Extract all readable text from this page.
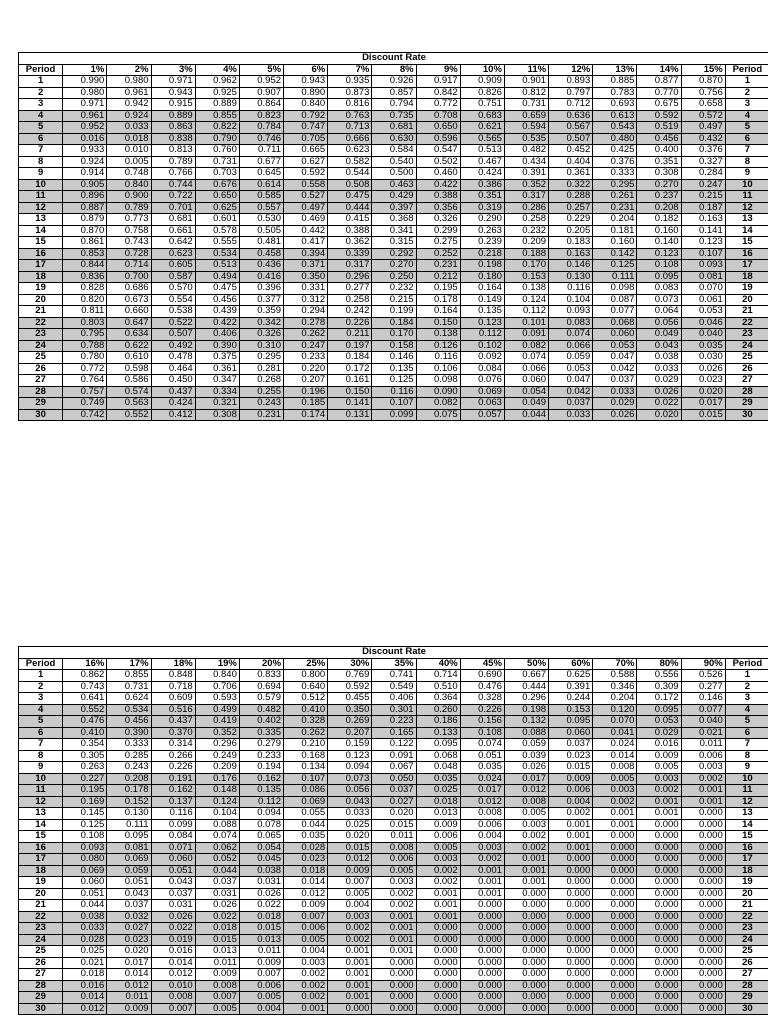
Discount Rate																
Period	1%	2%	3%	4%	5%	6%	7%	8%	9%	10%	11%	12%	13%	14%	15%	Period
1	0.990	0.980	0.971	0.962	0.952	0.943	0.935	0.926	0.917	0.909	0.901	0.893	0.885	0.877	0.870	1
2	0.980	0.961	0.943	0.925	0.907	0.890	0.873	0.857	0.842	0.826	0.812	0.797	0.783	0.770	0.756	2
3	0.971	0.942	0.915	0.889	0.864	0.840	0.816	0.794	0.772	0.751	0.731	0.712	0.693	0.675	0.658	3
4	0.961	0.924	0.889	0.855	0.823	0.792	0.763	0.735	0.708	0.683	0.659	0.636	0.613	0.592	0.572	4
5	0.952	0.033	0.863	0.822	0.784	0.747	0.713	0.681	0.650	0.621	0.594	0.567	0.543	0.519	0.497	5
6	0.016	0.018	0.838	0.790	0.746	0.705	0.666	0.630	0.596	0.565	0.535	0.507	0.480	0.456	0.432	6
7	0.933	0.010	0.813	0.760	0.711	0.665	0.623	0.584	0.547	0.513	0.482	0.452	0.425	0.400	0.376	7
8	0.924	0.005	0.789	0.731	0.677	0.627	0.582	0.540	0.502	0.467	0.434	0.404	0.376	0.351	0.327	8
9	0.914	0.748	0.766	0.703	0.645	0.592	0.544	0.500	0.460	0.424	0.391	0.361	0.333	0.308	0.284	9
10	0.905	0.840	0.744	0.676	0.614	0.558	0.508	0.463	0.422	0.386	0.352	0.322	0.295	0.270	0.247	10
11	0.896	0.900	0.722	0.650	0.585	0.527	0.475	0.429	0.388	0.351	0.317	0.288	0.261	0.237	0.215	11
12	0.887	0.789	0.701	0.625	0.557	0.497	0.444	0.397	0.356	0.319	0.286	0.257	0.231	0.208	0.187	12
13	0.879	0.773	0.681	0.601	0.530	0.469	0.415	0.368	0.326	0.290	0.258	0.229	0.204	0.182	0.163	13
14	0.870	0.758	0.661	0.578	0.505	0.442	0.388	0.341	0.299	0.263	0.232	0.205	0.181	0.160	0.141	14
15	0.861	0.743	0.642	0.555	0.481	0.417	0.362	0.315	0.275	0.239	0.209	0.183	0.160	0.140	0.123	15
16	0.853	0.728	0.623	0.534	0.458	0.394	0.339	0.292	0.252	0.218	0.188	0.163	0.142	0.123	0.107	16
17	0.844	0.714	0.605	0.513	0.436	0.371	0.317	0.270	0.231	0.198	0.170	0.146	0.125	0.108	0.093	17
18	0.836	0.700	0.587	0.494	0.416	0.350	0.296	0.250	0.212	0.180	0.153	0.130	0.111	0.095	0.081	18
19	0.828	0.686	0.570	0.475	0.396	0.331	0.277	0.232	0.195	0.164	0.138	0.116	0.098	0.083	0.070	19
20	0.820	0.673	0.554	0.456	0.377	0.312	0.258	0.215	0.178	0.149	0.124	0.104	0.087	0.073	0.061	20
21	0.811	0.660	0.538	0.439	0.359	0.294	0.242	0.199	0.164	0.135	0.112	0.093	0.077	0.064	0.053	21
22	0.803	0.647	0.522	0.422	0.342	0.278	0.226	0.184	0.150	0.123	0.101	0.083	0.068	0.056	0.046	22
23	0.795	0.634	0.507	0.406	0.326	0.262	0.211	0.170	0.138	0.112	0.091	0.074	0.060	0.049	0.040	23
24	0.788	0.622	0.492	0.390	0.310	0.247	0.197	0.158	0.126	0.102	0.082	0.066	0.053	0.043	0.035	24
25	0.780	0.610	0.478	0.375	0.295	0.233	0.184	0.146	0.116	0.092	0.074	0.059	0.047	0.038	0.030	25
26	0.772	0.598	0.464	0.361	0.281	0.220	0.172	0.135	0.106	0.084	0.066	0.053	0.042	0.033	0.026	26
27	0.764	0.586	0.450	0.347	0.268	0.207	0.161	0.125	0.098	0.076	0.060	0.047	0.037	0.029	0.023	27
28	0.757	0.574	0.437	0.334	0.255	0.196	0.150	0.116	0.090	0.069	0.054	0.042	0.033	0.026	0.020	28
29	0.749	0.563	0.424	0.321	0.243	0.185	0.141	0.107	0.082	0.063	0.049	0.037	0.029	0.022	0.017	29
30	0.742	0.552	0.412	0.308	0.231	0.174	0.131	0.099	0.075	0.057	0.044	0.033	0.026	0.020	0.015	30
Discount Rate																
Period	16%	17%	18%	19%	20%	25%	30%	35%	40%	45%	50%	60%	70%	80%	90%	Period
1	0.862	0.855	0.848	0.840	0.833	0.800	0.769	0.741	0.714	0.690	0.667	0.625	0.588	0.556	0.526	1
2	0.743	0.731	0.718	0.706	0.694	0.640	0.592	0.549	0.510	0.476	0.444	0.391	0.346	0.309	0.277	2
3	0.641	0.624	0.609	0.593	0.579	0.512	0.455	0.406	0.364	0.328	0.296	0.244	0.204	0.172	0.146	3
4	0.552	0.534	0.516	0.499	0.482	0.410	0.350	0.301	0.260	0.226	0.198	0.153	0.120	0.095	0.077	4
5	0.476	0.456	0.437	0.419	0.402	0.328	0.269	0.223	0.186	0.156	0.132	0.095	0.070	0.053	0.040	5
6	0.410	0.390	0.370	0.352	0.335	0.262	0.207	0.165	0.133	0.108	0.088	0.060	0.041	0.029	0.021	6
7	0.354	0.333	0.314	0.296	0.279	0.210	0.159	0.122	0.095	0.074	0.059	0.037	0.024	0.016	0.011	7
8	0.305	0.285	0.266	0.249	0.233	0.168	0.123	0.091	0.068	0.051	0.039	0.023	0.014	0.009	0.006	8
9	0.263	0.243	0.226	0.209	0.194	0.134	0.094	0.067	0.048	0.035	0.026	0.015	0.008	0.005	0.003	9
10	0.227	0.208	0.191	0.176	0.162	0.107	0.073	0.050	0.035	0.024	0.017	0.009	0.005	0.003	0.002	10
11	0.195	0.178	0.162	0.148	0.135	0.086	0.056	0.037	0.025	0.017	0.012	0.006	0.003	0.002	0.001	11
12	0.169	0.152	0.137	0.124	0.112	0.069	0.043	0.027	0.018	0.012	0.008	0.004	0.002	0.001	0.001	12
13	0.145	0.130	0.116	0.104	0.094	0.055	0.033	0.020	0.013	0.008	0.005	0.002	0.001	0.001	0.000	13
14	0.125	0.111	0.099	0.088	0.078	0.044	0.025	0.015	0.009	0.006	0.003	0.001	0.001	0.000	0.000	14
15	0.108	0.095	0.084	0.074	0.065	0.035	0.020	0.011	0.006	0.004	0.002	0.001	0.000	0.000	0.000	15
16	0.093	0.081	0.071	0.062	0.054	0.028	0.015	0.008	0.005	0.003	0.002	0.001	0.000	0.000	0.000	16
17	0.080	0.069	0.060	0.052	0.045	0.023	0.012	0.006	0.003	0.002	0.001	0.000	0.000	0.000	0.000	17
18	0.069	0.059	0.051	0.044	0.038	0.018	0.009	0.005	0.002	0.001	0.001	0.000	0.000	0.000	0.000	18
19	0.060	0.051	0.043	0.037	0.031	0.014	0.007	0.003	0.002	0.001	0.001	0.000	0.000	0.000	0.000	19
20	0.051	0.043	0.037	0.031	0.026	0.012	0.005	0.002	0.001	0.001	0.000	0.000	0.000	0.000	0.000	20
21	0.044	0.037	0.031	0.026	0.022	0.009	0.004	0.002	0.001	0.000	0.000	0.000	0.000	0.000	0.000	21
22	0.038	0.032	0.026	0.022	0.018	0.007	0.003	0.001	0.001	0.000	0.000	0.000	0.000	0.000	0.000	22
23	0.033	0.027	0.022	0.018	0.015	0.006	0.002	0.001	0.000	0.000	0.000	0.000	0.000	0.000	0.000	23
24	0.028	0.023	0.019	0.015	0.013	0.005	0.002	0.001	0.000	0.000	0.000	0.000	0.000	0.000	0.000	24
25	0.025	0.020	0.016	0.013	0.011	0.004	0.001	0.001	0.000	0.000	0.000	0.000	0.000	0.000	0.000	25
26	0.021	0.017	0.014	0.011	0.009	0.003	0.001	0.000	0.000	0.000	0.000	0.000	0.000	0.000	0.000	26
27	0.018	0.014	0.012	0.009	0.007	0.002	0.001	0.000	0.000	0.000	0.000	0.000	0.000	0.000	0.000	27
28	0.016	0.012	0.010	0.008	0.006	0.002	0.001	0.000	0.000	0.000	0.000	0.000	0.000	0.000	0.000	28
29	0.014	0.011	0.008	0.007	0.005	0.002	0.001	0.000	0.000	0.000	0.000	0.000	0.000	0.000	0.000	29
30	0.012	0.009	0.007	0.005	0.004	0.001	0.000	0.000	0.000	0.000	0.000	0.000	0.000	0.000	0.000	30
